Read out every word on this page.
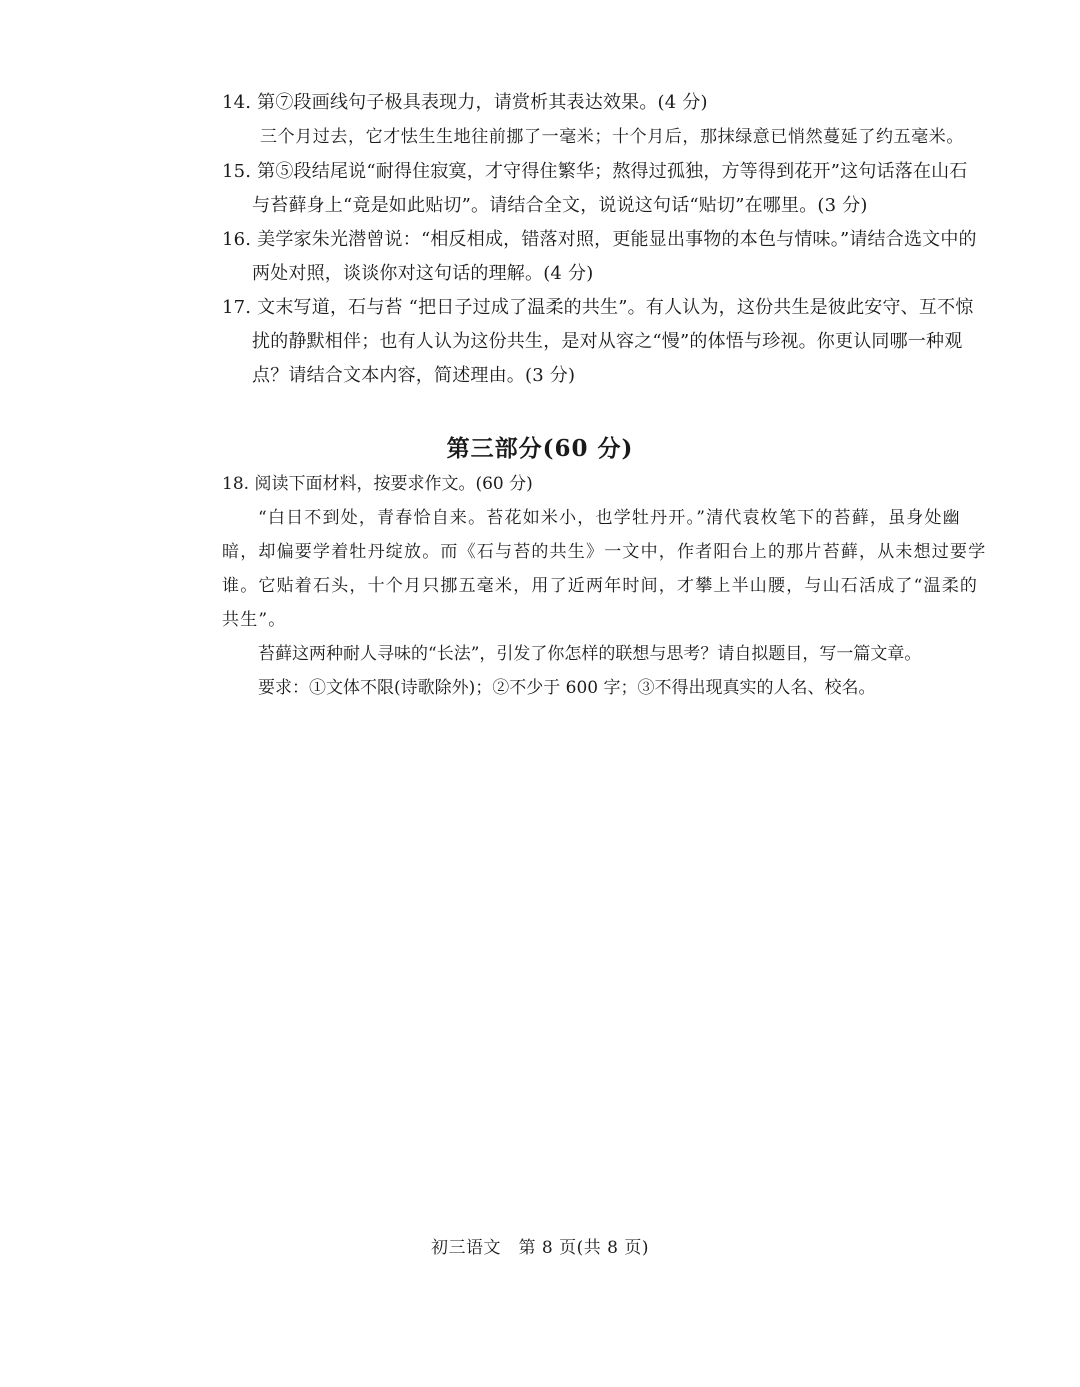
14. 第⑦段画线句子极具表现力，请赏析其表达效果。(4 分)
三个月过去，它才怯生生地往前挪了一毫米；十个月后，那抹绿意已悄然蔓延了约五毫米。
15. 第⑤段结尾说“耐得住寂寞，才守得住繁华；熬得过孤独，方等得到花开”这句话落在山石
与苔藓身上“竟是如此贴切”。请结合全文，说说这句话“贴切”在哪里。(3 分)
16. 美学家朱光潜曾说：“相反相成，错落对照，更能显出事物的本色与情味。”请结合选文中的
两处对照，谈谈你对这句话的理解。(4 分)
17. 文末写道，石与苔 “把日子过成了温柔的共生”。有人认为，这份共生是彼此安守、互不惊
扰的静默相伴；也有人认为这份共生，是对从容之“慢”的体悟与珍视。你更认同哪一种观
点？请结合文本内容，简述理由。(3 分)
第三部分(60 分)
18. 阅读下面材料，按要求作文。(60 分)
“白日不到处，青春恰自来。苔花如米小，也学牡丹开。”清代袁枚笔下的苔藓，虽身处幽
暗，却偏要学着牡丹绽放。而《石与苔的共生》一文中，作者阳台上的那片苔藓，从未想过要学
谁。它贴着石头，十个月只挪五毫米，用了近两年时间，才攀上半山腰，与山石活成了“温柔的
共生”。
苔藓这两种耐人寻味的“长法”，引发了你怎样的联想与思考？请自拟题目，写一篇文章。
要求：①文体不限(诗歌除外)；②不少于 600 字；③不得出现真实的人名、校名。
初三语文　第 8 页(共 8 页)
